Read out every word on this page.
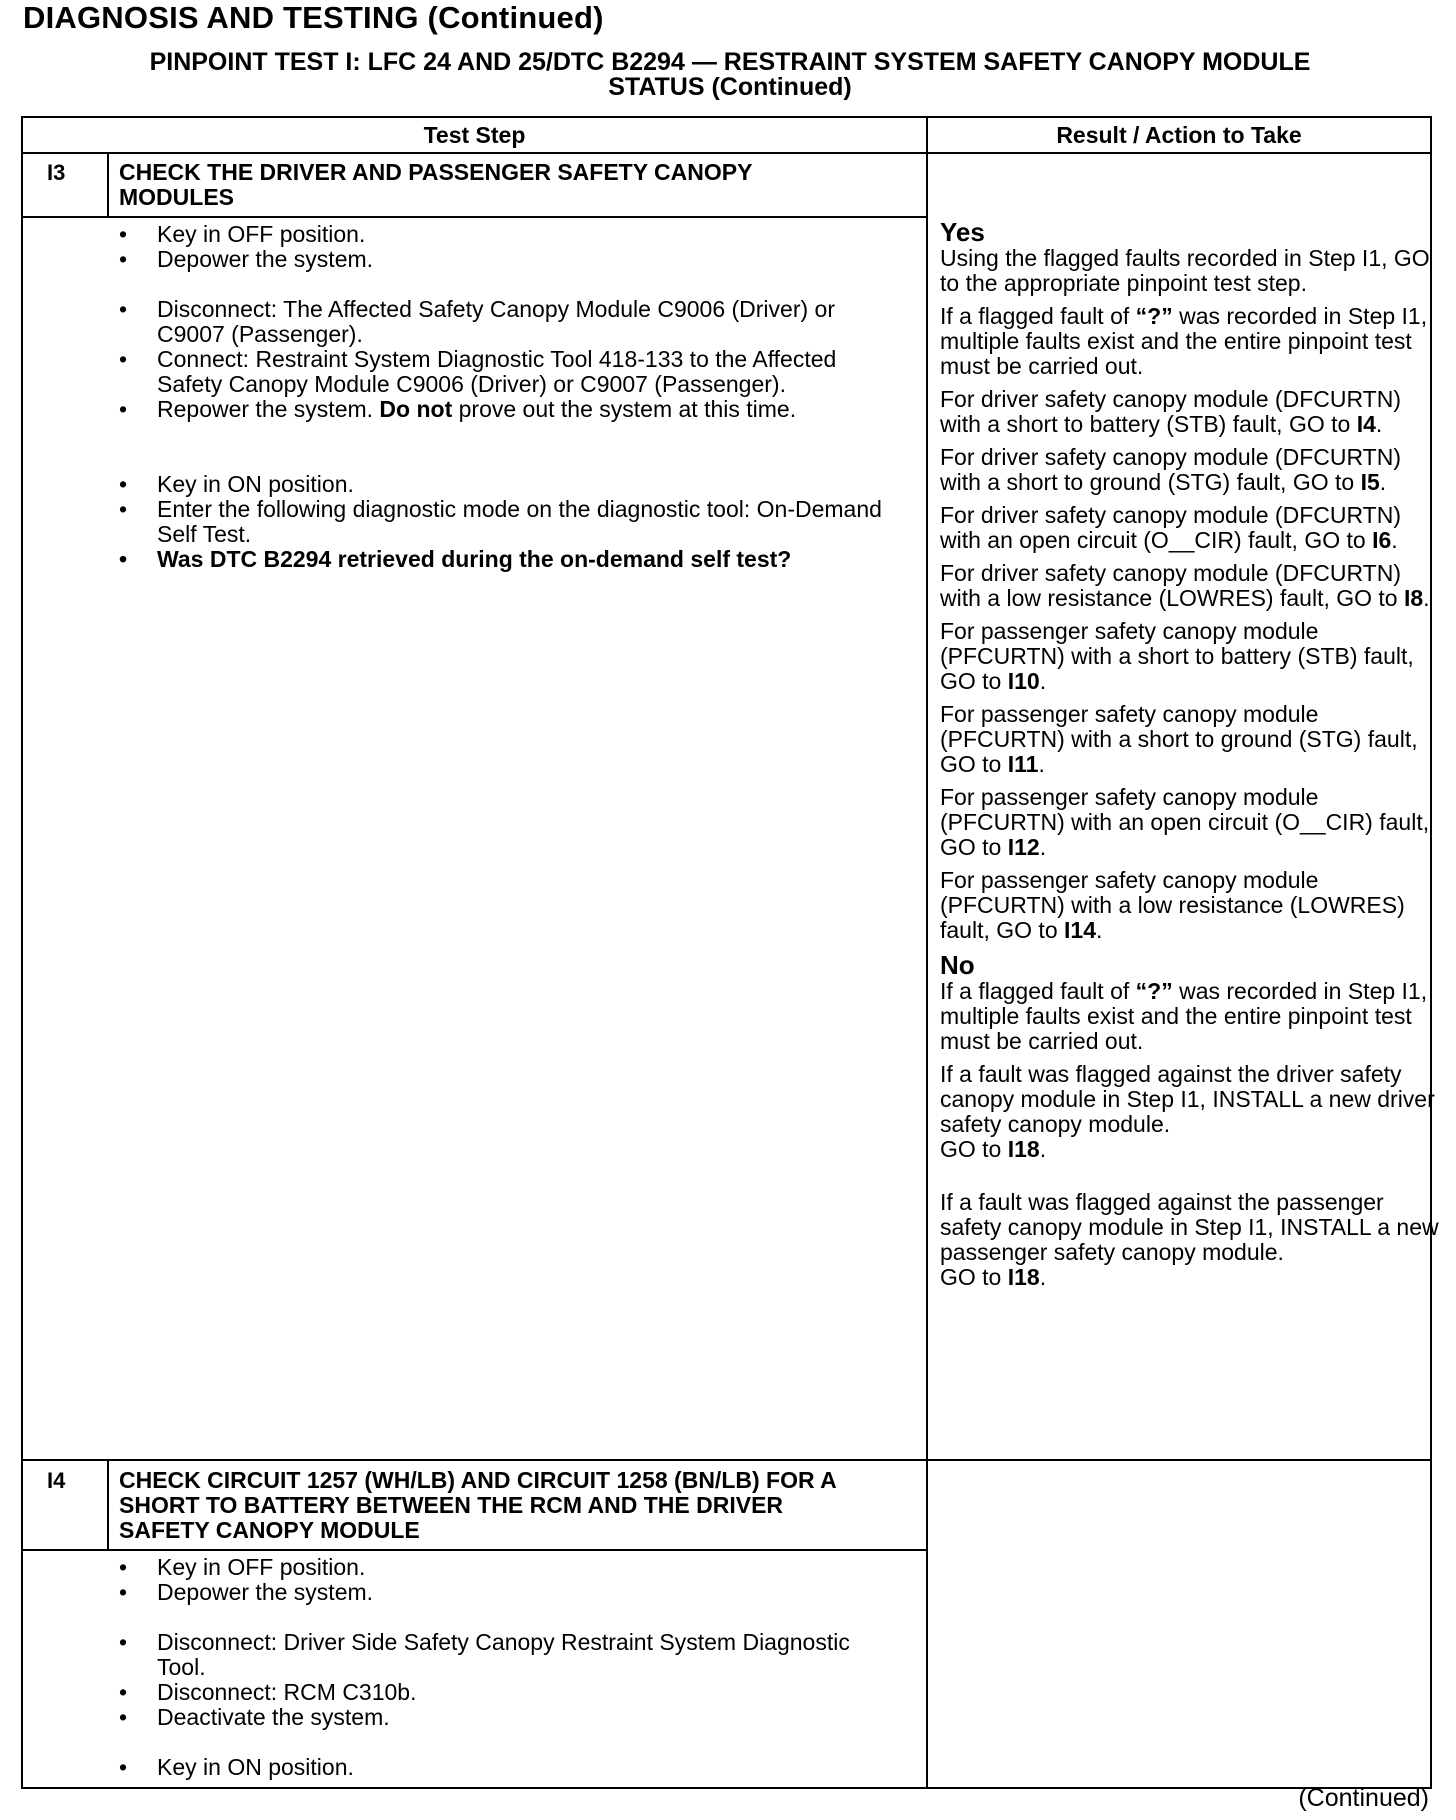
DIAGNOSIS AND TESTING (Continued)
PINPOINT TEST I: LFC 24 AND 25/DTC B2294 — RESTRAINT SYSTEM SAFETY CANOPY MODULE
STATUS (Continued)
Test Step	Result / Action to Take
I3 CHECK THE DRIVER AND PASSENGER SAFETY CANOPY MODULES
• Key in OFF position.
• Depower the system.
• Disconnect: The Affected Safety Canopy Module C9006 (Driver) or C9007 (Passenger).
• Connect: Restraint System Diagnostic Tool 418-133 to the Affected Safety Canopy Module C9006 (Driver) or C9007 (Passenger).
• Repower the system. Do not prove out the system at this time.
• Key in ON position.
• Enter the following diagnostic mode on the diagnostic tool: On-Demand Self Test.
• Was DTC B2294 retrieved during the on-demand self test?

Yes

Using the flagged faults recorded in Step I1, GO to the appropriate pinpoint test step.

If a flagged fault of “?” was recorded in Step I1, multiple faults exist and the entire pinpoint test must be carried out.

For driver safety canopy module (DFCURTN) with a short to battery (STB) fault, GO to I4.

For driver safety canopy module (DFCURTN) with a short to ground (STG) fault, GO to I5.

For driver safety canopy module (DFCURTN) with an open circuit (O__CIR) fault, GO to I6.

For driver safety canopy module (DFCURTN) with a low resistance (LOWRES) fault, GO to I8.

For passenger safety canopy module (PFCURTN) with a short to battery (STB) fault, GO to I10.

For passenger safety canopy module (PFCURTN) with a short to ground (STG) fault, GO to I11.

For passenger safety canopy module (PFCURTN) with an open circuit (O__CIR) fault, GO to I12.

For passenger safety canopy module (PFCURTN) with a low resistance (LOWRES) fault, GO to I14.

No

If a flagged fault of “?” was recorded in Step I1, multiple faults exist and the entire pinpoint test must be carried out.

If a fault was flagged against the driver safety canopy module in Step I1, INSTALL a new driver safety canopy module.
GO to I18.

If a fault was flagged against the passenger safety canopy module in Step I1, INSTALL a new passenger safety canopy module.
GO to I18.

I4 CHECK CIRCUIT 1257 (WH/LB) AND CIRCUIT 1258 (BN/LB) FOR A SHORT TO BATTERY BETWEEN THE RCM AND THE DRIVER SAFETY CANOPY MODULE
• Key in OFF position.
• Depower the system.
• Disconnect: Driver Side Safety Canopy Restraint System Diagnostic Tool.
• Disconnect: RCM C310b.
• Deactivate the system.
• Key in ON position.
(Continued)
